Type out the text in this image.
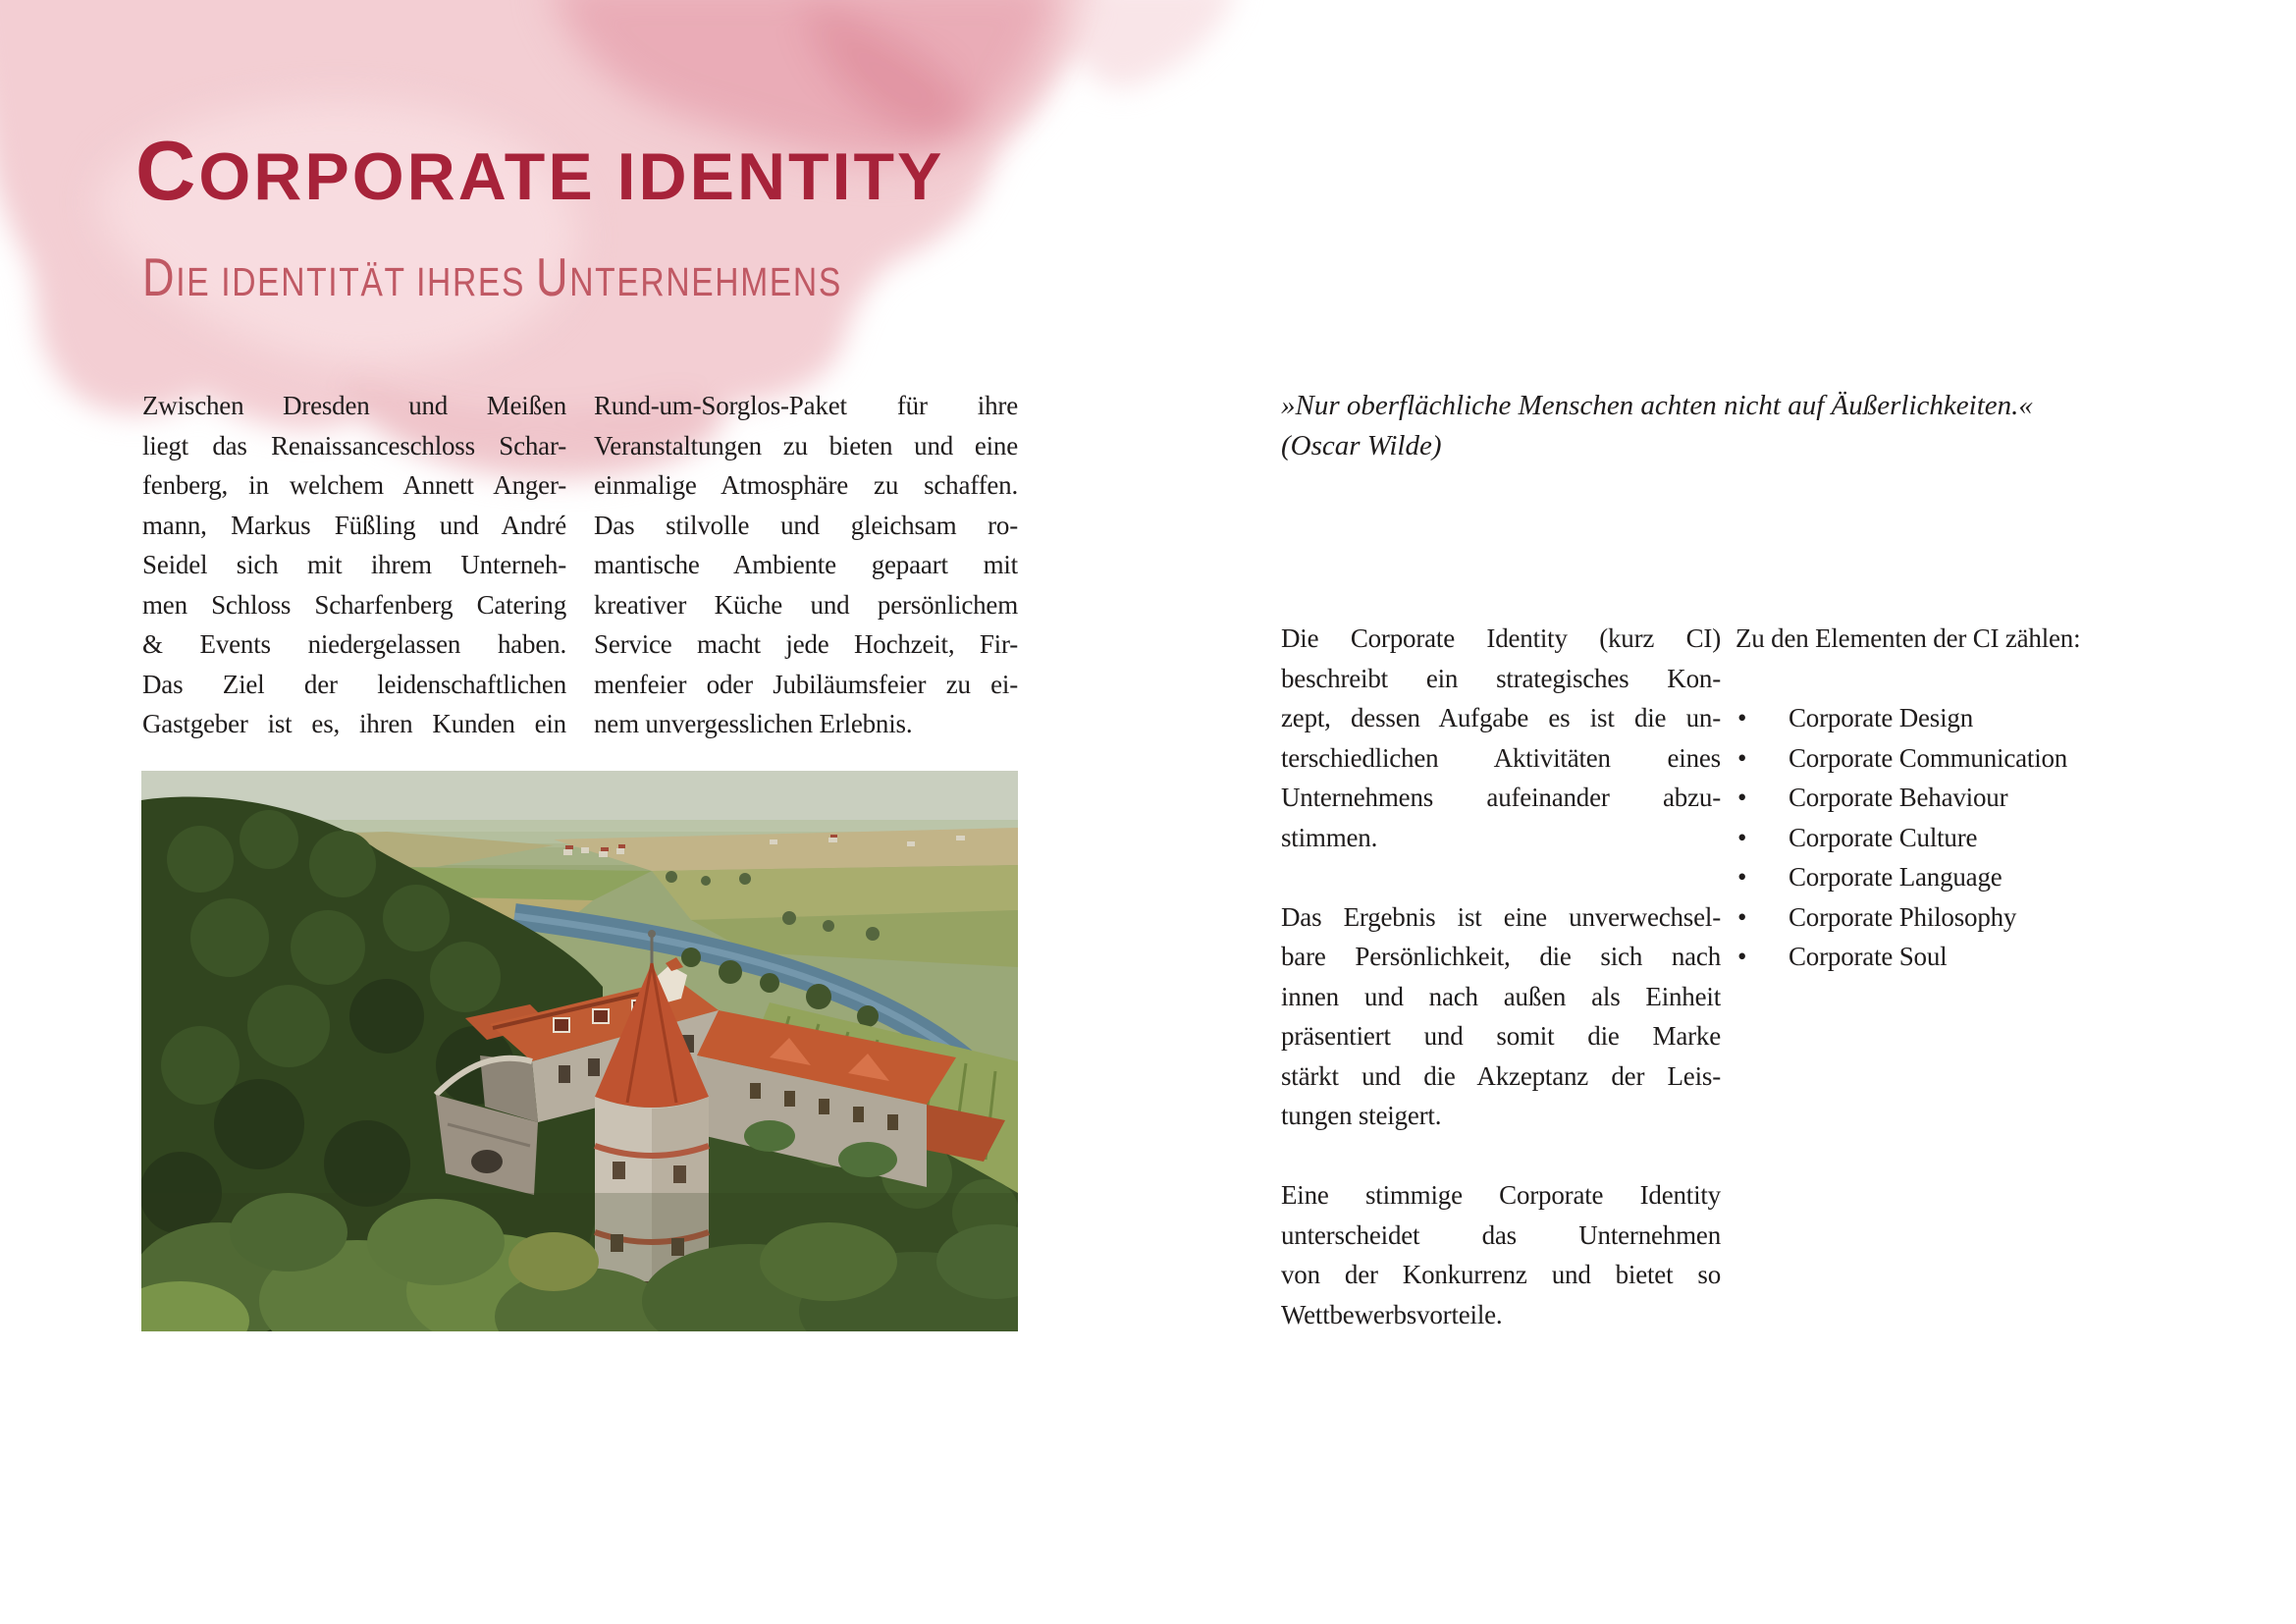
CORPORATE IDENTITY
DIE IDENTITÄT IHRES UNTERNEHMENS
Zwischen Dresden und Meißen
liegt das Renaissanceschloss Schar-
fenberg, in welchem Annett Anger-
mann, Markus Füßling und André
Seidel sich mit ihrem Unterneh-
men Schloss Scharfenberg Catering
& Events niedergelassen haben.
Das Ziel der leidenschaftlichen
Gastgeber ist es, ihren Kunden ein
Rund-um-Sorglos-Paket für ihre
Veranstaltungen zu bieten und eine
einmalige Atmosphäre zu schaffen.
Das stilvolle und gleichsam ro-
mantische Ambiente gepaart mit
kreativer Küche und persönlichem
Service macht jede Hochzeit, Fir-
menfeier oder Jubiläumsfeier zu ei-
nem unvergesslichen Erlebnis.
»Nur oberflächliche Menschen achten nicht auf Äußerlichkeiten.«
(Oscar Wilde)
Die Corporate Identity (kurz CI)
beschreibt ein strategisches Kon-
zept, dessen Aufgabe es ist die un-
terschiedlichen Aktivitäten eines
Unternehmens aufeinander abzu-
stimmen.
Das Ergebnis ist eine unverwechsel-
bare Persönlichkeit, die sich nach
innen und nach außen als Einheit
präsentiert und somit die Marke
stärkt und die Akzeptanz der Leis-
tungen steigert.
Eine stimmige Corporate Identity
unterscheidet das Unternehmen
von der Konkurrenz und bietet so
Wettbewerbsvorteile.
Zu den Elementen der CI zählen:
• Corporate Design
• Corporate Communication
• Corporate Behaviour
• Corporate Culture
• Corporate Language
• Corporate Philosophy
• Corporate Soul
